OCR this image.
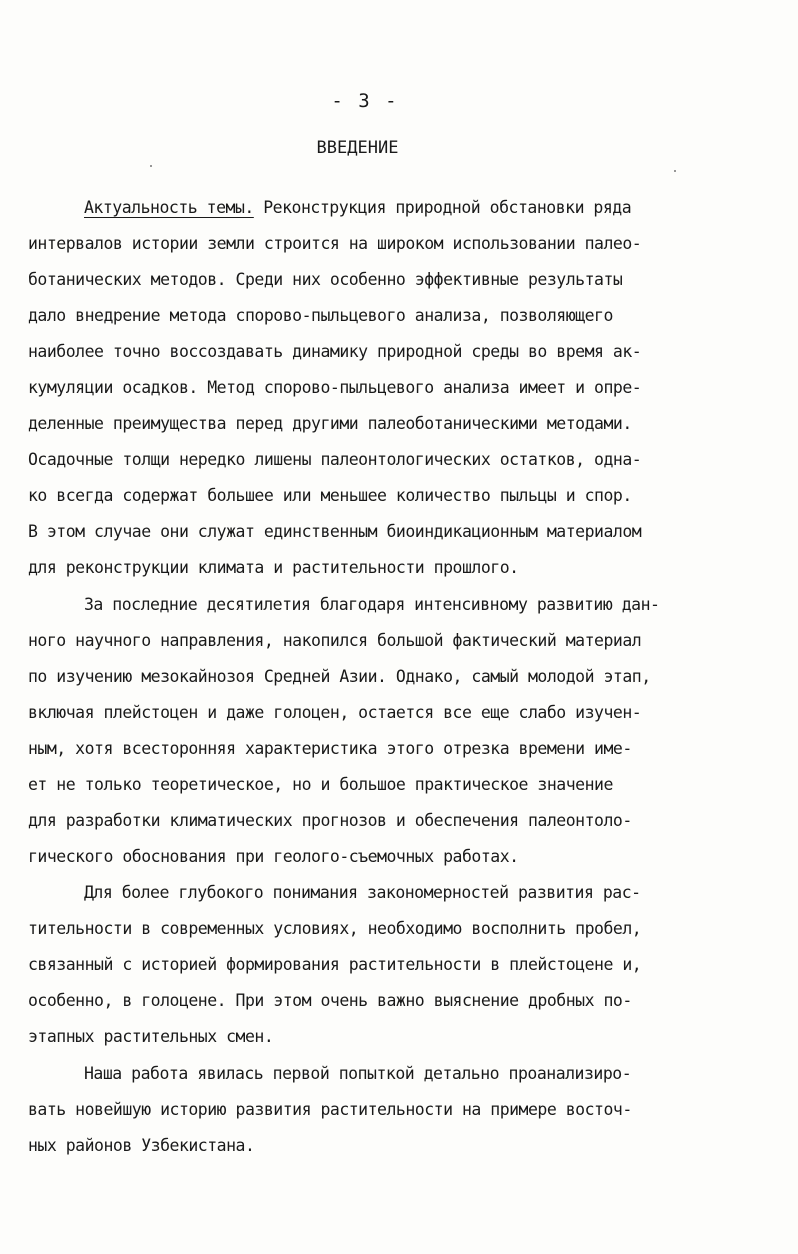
- 3 -
ВВЕДЕНИЕ
Актуальность темы. Реконструкция природной обстановки ряда
интервалов истории земли строится на широком использовании палео-
ботанических методов. Среди них особенно эффективные результаты
дало внедрение метода спорово-пыльцевого анализа, позволяющего
наиболее точно воссоздавать динамику природной среды во время ак-
кумуляции осадков. Метод спорово-пыльцевого анализа имеет и опре-
деленные преимущества перед другими палеоботаническими методами.
Осадочные толщи нередко лишены палеонтологических остатков, одна-
ко всегда содержат большее или меньшее количество пыльцы и спор.
В этом случае они служат единственным биоиндикационным материалом
для реконструкции климата и растительности прошлого.
За последние десятилетия благодаря интенсивному развитию дан-
ного научного направления, накопился большой фактический материал
по изучению мезокайнозоя Средней Азии. Однако, самый молодой этап,
включая плейстоцен и даже голоцен, остается все еще слабо изучен-
ным, хотя всесторонняя характеристика этого отрезка времени име-
ет не только теоретическое, но и большое практическое значение
для разработки климатических прогнозов и обеспечения палеонтоло-
гического обоснования при геолого-съемочных работах.
Для более глубокого понимания закономерностей развития рас-
тительности в современных условиях, необходимо восполнить пробел,
связанный с историей формирования растительности в плейстоцене и,
особенно, в голоцене. При этом очень важно выяснение дробных по-
этапных растительных смен.
Наша работа явилась первой попыткой детально проанализиро-
вать новейшую историю развития растительности на примере восточ-
ных районов Узбекистана.
